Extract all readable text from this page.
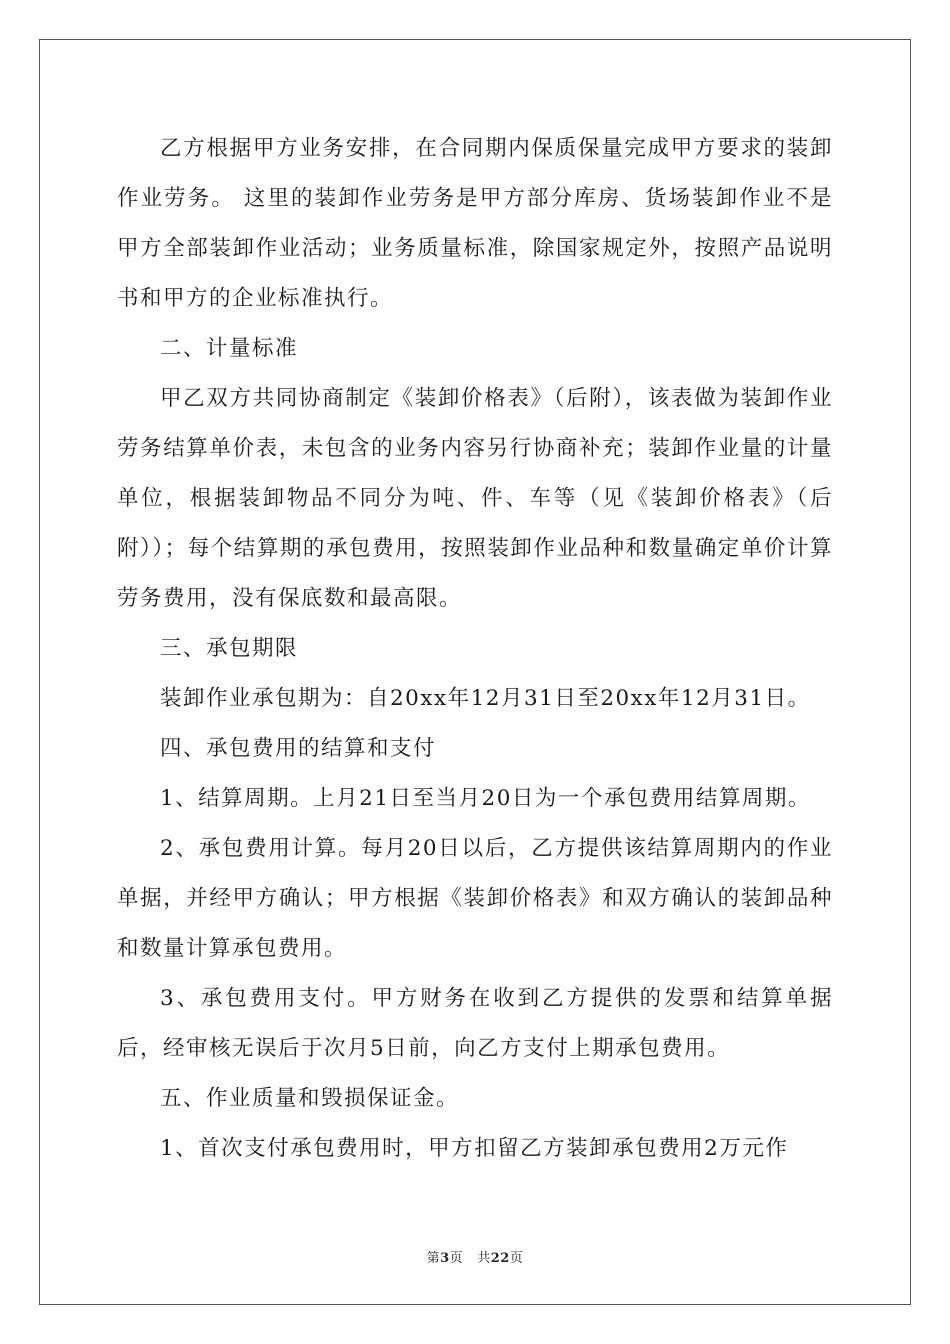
乙方根据甲方业务安排，在合同期内保质保量完成甲方要求的装卸作业劳务。 这里的装卸作业劳务是甲方部分库房、货场装卸作业不是甲方全部装卸作业活动；业务质量标准，除国家规定外，按照产品说明书和甲方的企业标准执行。

二、计量标准

甲乙双方共同协商制定《装卸价格表》（后附），该表做为装卸作业劳务结算单价表，未包含的业务内容另行协商补充；装卸作业量的计量单位，根据装卸物品不同分为吨、件、车等（见《装卸价格表》（后附））；每个结算期的承包费用，按照装卸作业品种和数量确定单价计算劳务费用，没有保底数和最高限。

三、承包期限

装卸作业承包期为：自20xx年12月31日至20xx年12月31日。

四、承包费用的结算和支付

1、结算周期。上月21日至当月20日为一个承包费用结算周期。

2、承包费用计算。每月20日以后，乙方提供该结算周期内的作业单据，并经甲方确认；甲方根据《装卸价格表》和双方确认的装卸品种和数量计算承包费用。

3、承包费用支付。甲方财务在收到乙方提供的发票和结算单据后，经审核无误后于次月5日前，向乙方支付上期承包费用。

五、作业质量和毁损保证金。

1、首次支付承包费用时，甲方扣留乙方装卸承包费用2万元作

第3页 共22页
